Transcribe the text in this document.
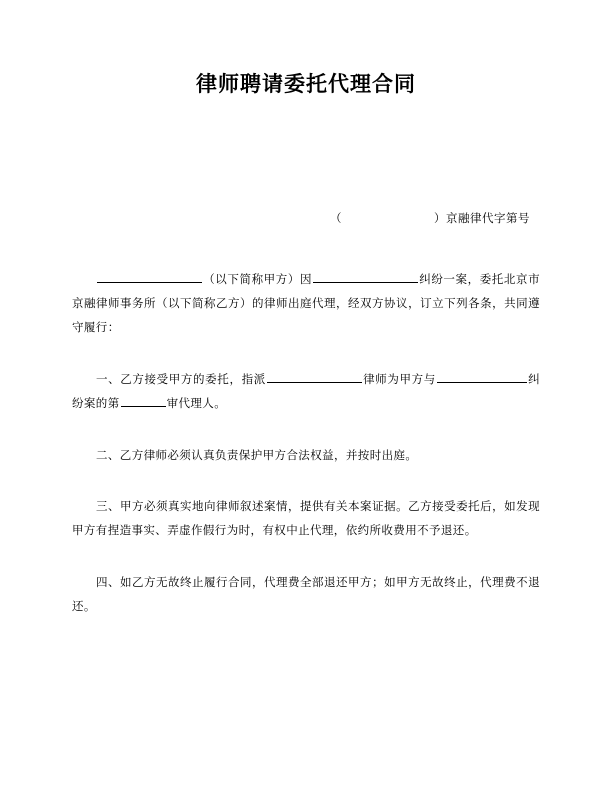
律师聘请委托代理合同
（	）京融律代字第号

（以下简称甲方）因	纠纷一案，委托北京市京融律师事务所（以下简称乙方）的律师出庭代理，经双方协议，订立下列各条，共同遵守履行：

一、乙方接受甲方的委托，指派	律师为甲方与	纠纷案的第	审代理人。

二、乙方律师必须认真负责保护甲方合法权益，并按时出庭。

三、甲方必须真实地向律师叙述案情，提供有关本案证据。乙方接受委托后，如发现甲方有捏造事实、弄虚作假行为时，有权中止代理，依约所收费用不予退还。

四、如乙方无故终止履行合同，代理费全部退还甲方；如甲方无故终止，代理费不退还。
